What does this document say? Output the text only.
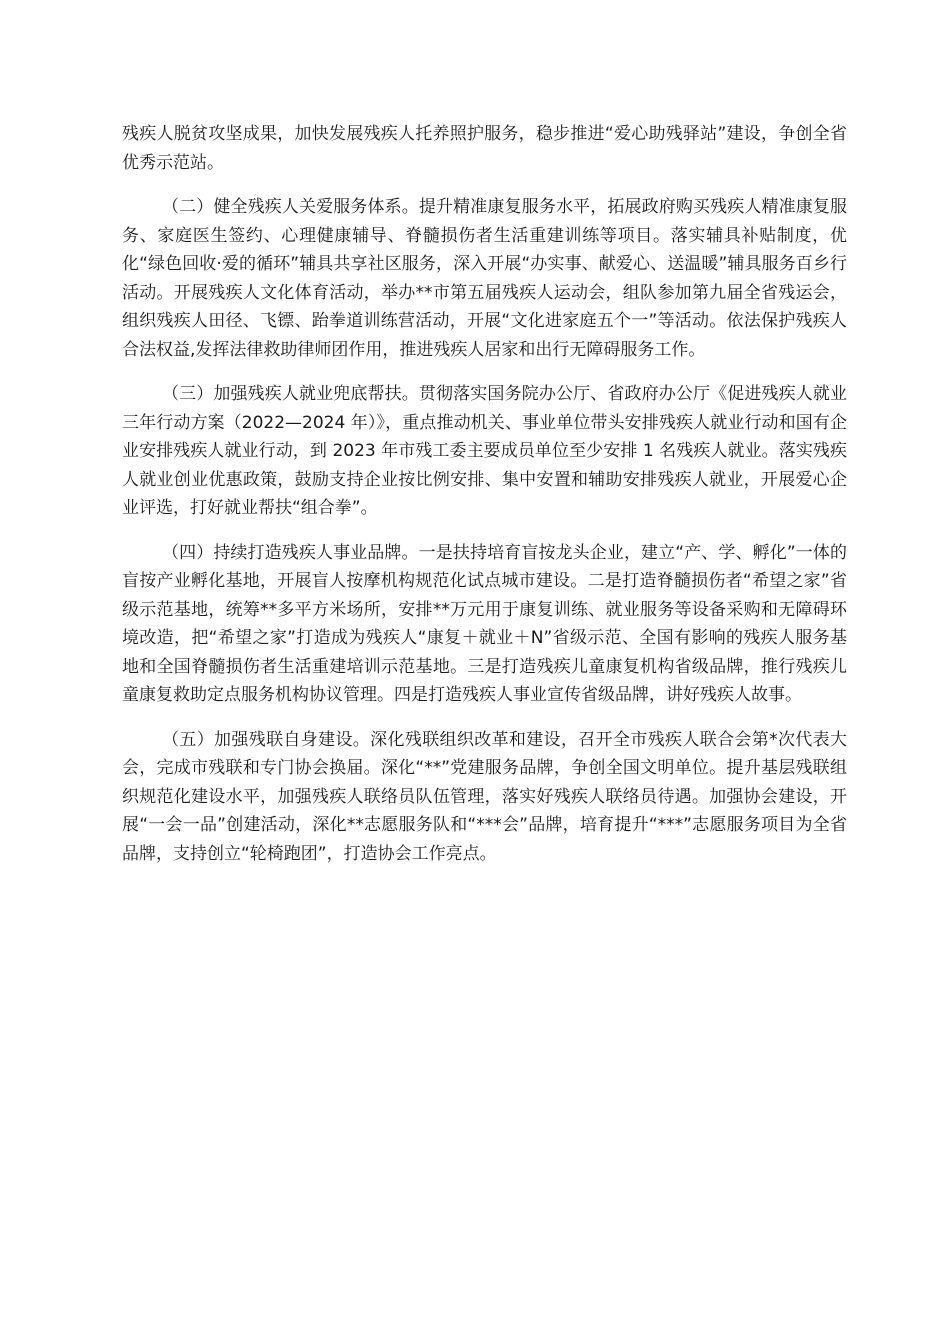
残疾人脱贫攻坚成果，加快发展残疾人托养照护服务，稳步推进“爱心助残驿站”建设，争创全省优秀示范站。

（二）健全残疾人关爱服务体系。提升精准康复服务水平，拓展政府购买残疾人精准康复服务、家庭医生签约、心理健康辅导、脊髓损伤者生活重建训练等项目。落实辅具补贴制度，优化“绿色回收·爱的循环”辅具共享社区服务，深入开展“办实事、献爱心、送温暖”辅具服务百乡行活动。开展残疾人文化体育活动，举办**市第五届残疾人运动会，组队参加第九届全省残运会，组织残疾人田径、飞镖、跆拳道训练营活动，开展“文化进家庭五个一”等活动。依法保护残疾人合法权益,发挥法律救助律师团作用，推进残疾人居家和出行无障碍服务工作。

（三）加强残疾人就业兜底帮扶。贯彻落实国务院办公厅、省政府办公厅《促进残疾人就业三年行动方案（2022—2024 年）》，重点推动机关、事业单位带头安排残疾人就业行动和国有企业安排残疾人就业行动，到 2023 年市残工委主要成员单位至少安排 1 名残疾人就业。落实残疾人就业创业优惠政策，鼓励支持企业按比例安排、集中安置和辅助安排残疾人就业，开展爱心企业评选，打好就业帮扶“组合拳”。

（四）持续打造残疾人事业品牌。一是扶持培育盲按龙头企业，建立“产、学、孵化”一体的盲按产业孵化基地，开展盲人按摩机构规范化试点城市建设。二是打造脊髓损伤者“希望之家”省级示范基地，统筹**多平方米场所，安排**万元用于康复训练、就业服务等设备采购和无障碍环境改造，把“希望之家”打造成为残疾人“康复＋就业＋N”省级示范、全国有影响的残疾人服务基地和全国脊髓损伤者生活重建培训示范基地。三是打造残疾儿童康复机构省级品牌，推行残疾儿童康复救助定点服务机构协议管理。四是打造残疾人事业宣传省级品牌，讲好残疾人故事。

（五）加强残联自身建设。深化残联组织改革和建设，召开全市残疾人联合会第*次代表大会，完成市残联和专门协会换届。深化“**”党建服务品牌，争创全国文明单位。提升基层残联组织规范化建设水平，加强残疾人联络员队伍管理，落实好残疾人联络员待遇。加强协会建设，开展“一会一品”创建活动，深化**志愿服务队和“***会”品牌，培育提升“***”志愿服务项目为全省品牌，支持创立“轮椅跑团”，打造协会工作亮点。
